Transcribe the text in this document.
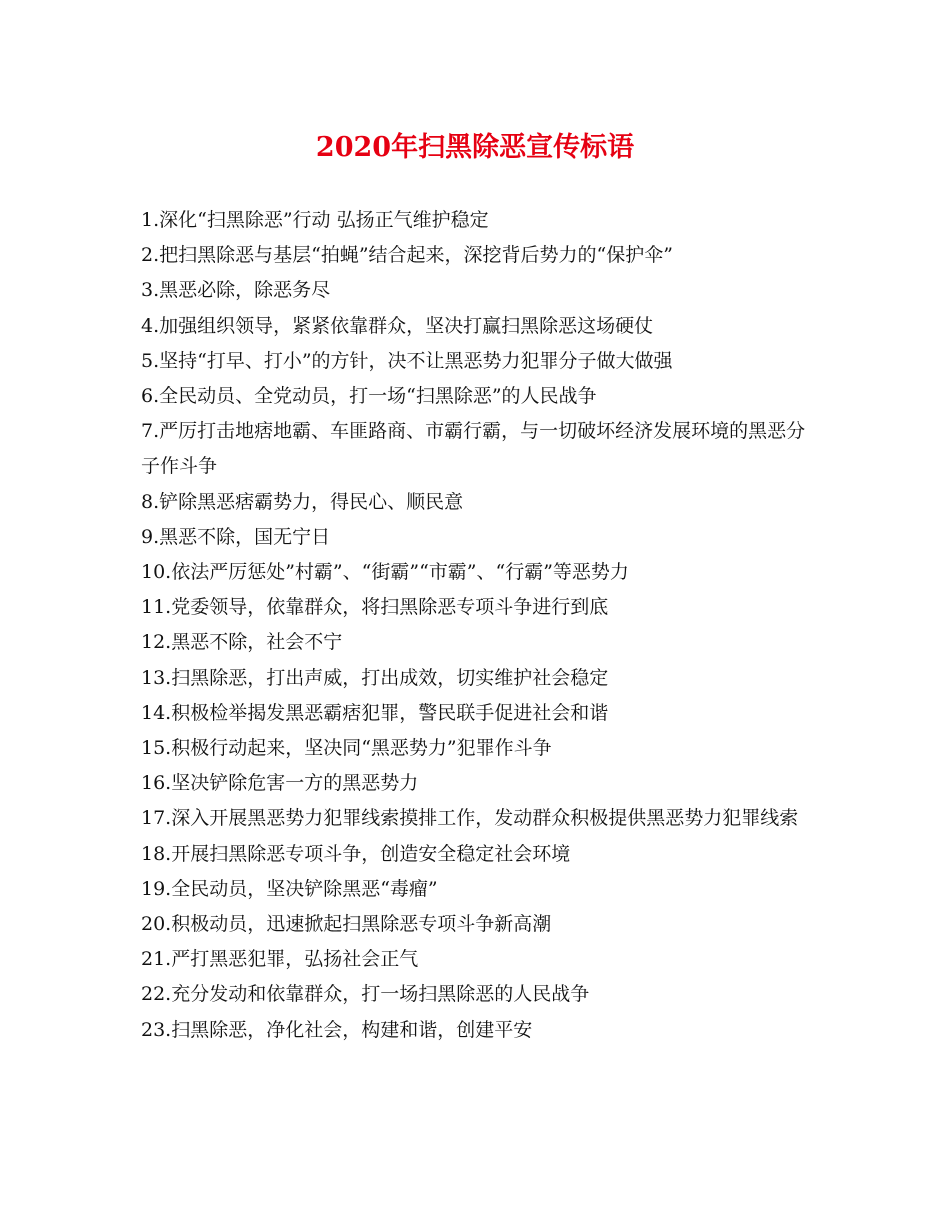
2020年扫黑除恶宣传标语
1.深化“扫黑除恶”行动 弘扬正气维护稳定
2.把扫黑除恶与基层“拍蝇”结合起来，深挖背后势力的“保护伞”
3.黑恶必除，除恶务尽
4.加强组织领导，紧紧依靠群众，坚决打赢扫黑除恶这场硬仗
5.坚持“打早、打小”的方针，决不让黑恶势力犯罪分子做大做强
6.全民动员、全党动员，打一场“扫黑除恶”的人民战争
7.严厉打击地痞地霸、车匪路商、市霸行霸，与一切破坏经济发展环境的黑恶分子作斗争
8.铲除黑恶痞霸势力，得民心、顺民意
9.黑恶不除，国无宁日
10.依法严厉惩处”村霸”、“街霸”“市霸”、“行霸”等恶势力
11.党委领导，依靠群众，将扫黑除恶专项斗争进行到底
12.黑恶不除，社会不宁
13.扫黑除恶，打出声威，打出成效，切实维护社会稳定
14.积极检举揭发黑恶霸痞犯罪，警民联手促进社会和谐
15.积极行动起来，坚决同“黑恶势力”犯罪作斗争
16.坚决铲除危害一方的黑恶势力
17.深入开展黑恶势力犯罪线索摸排工作，发动群众积极提供黑恶势力犯罪线索
18.开展扫黑除恶专项斗争，创造安全稳定社会环境
19.全民动员，坚决铲除黑恶“毒瘤”
20.积极动员，迅速掀起扫黑除恶专项斗争新高潮
21.严打黑恶犯罪，弘扬社会正气
22.充分发动和依靠群众，打一场扫黑除恶的人民战争
23.扫黑除恶，净化社会，构建和谐，创建平安
